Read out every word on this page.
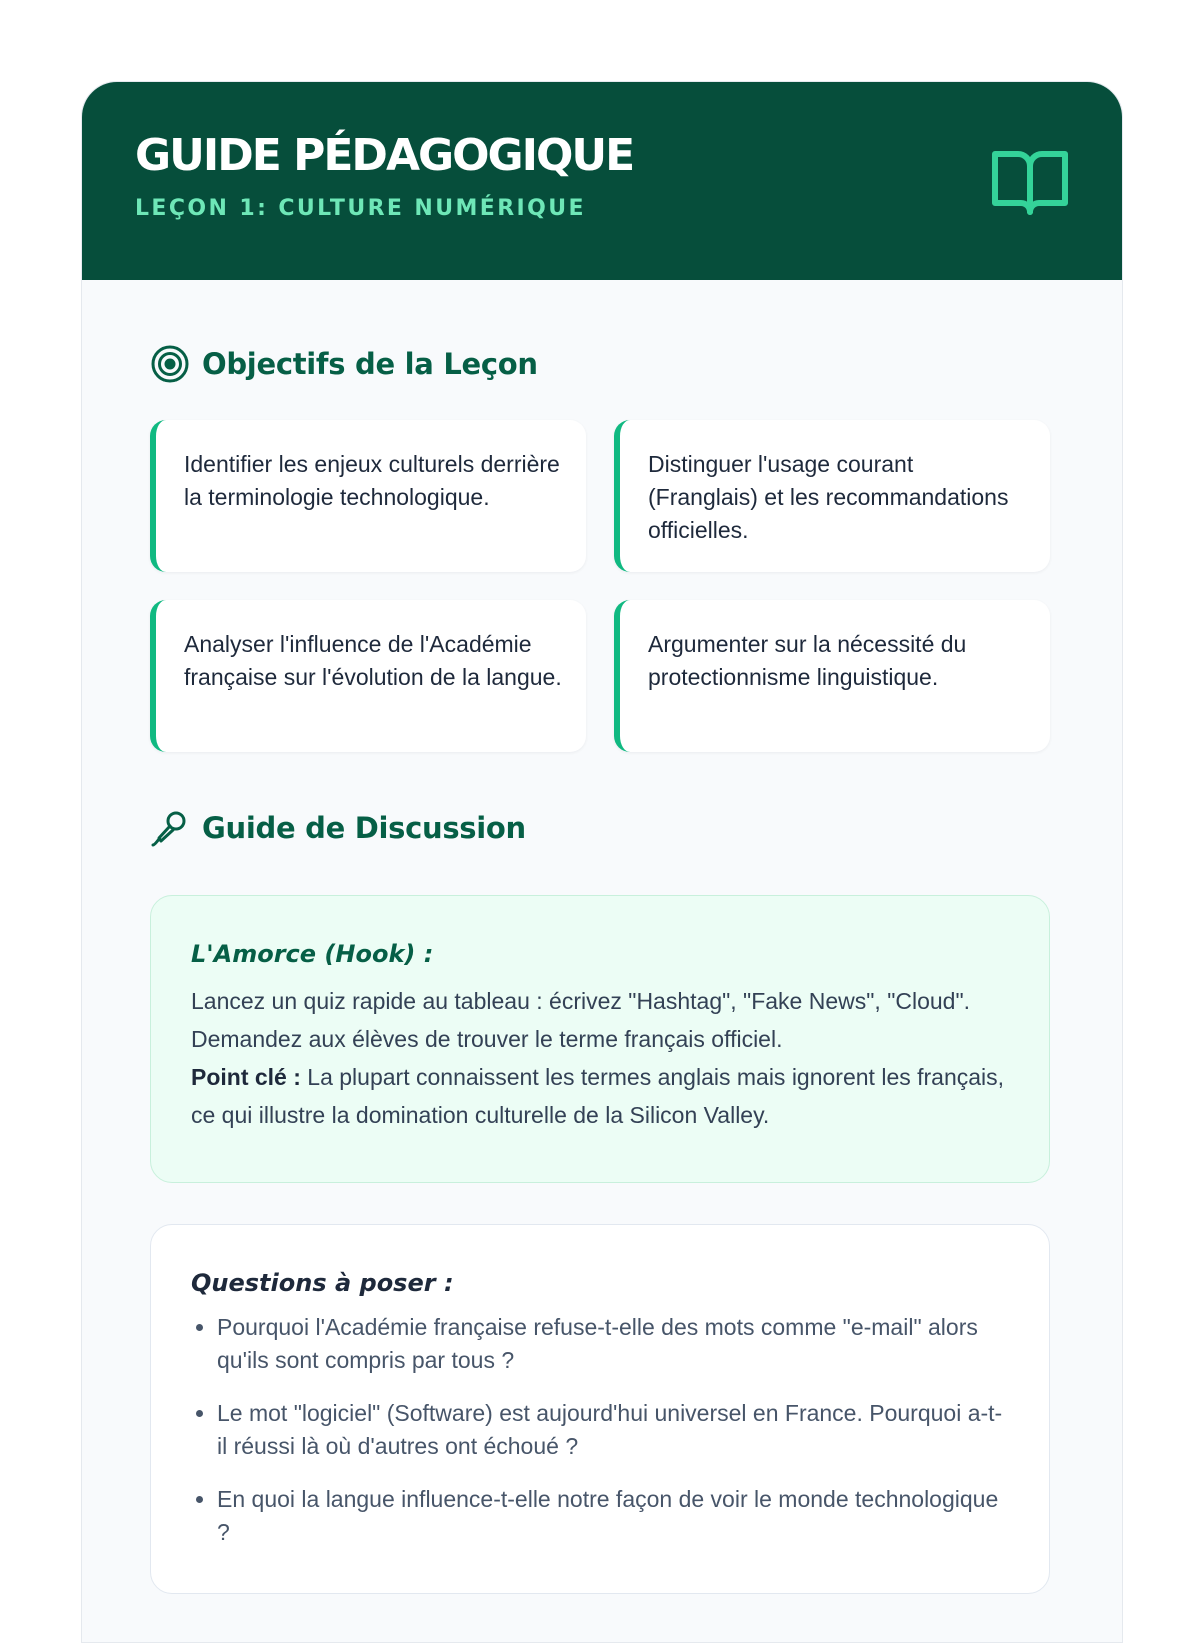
GUIDE PÉDAGOGIQUE
LEÇON 1: CULTURE NUMÉRIQUE
Objectifs de la Leçon
Identifier les enjeux culturels derrière la terminologie technologique.
Distinguer l'usage courant (Franglais) et les recommandations officielles.
Analyser l'influence de l'Académie française sur l'évolution de la langue.
Argumenter sur la nécessité du protectionnisme linguistique.
Guide de Discussion
L'Amorce (Hook) :
Lancez un quiz rapide au tableau : écrivez "Hashtag", "Fake News", "Cloud". Demandez aux élèves de trouver le terme français officiel.
Point clé : La plupart connaissent les termes anglais mais ignorent les français, ce qui illustre la domination culturelle de la Silicon Valley.
Questions à poser :
• Pourquoi l'Académie française refuse-t-elle des mots comme "e-mail" alors qu'ils sont compris par tous ?
• Le mot "logiciel" (Software) est aujourd'hui universel en France. Pourquoi a-t-il réussi là où d'autres ont échoué ?
• En quoi la langue influence-t-elle notre façon de voir le monde technologique ?
